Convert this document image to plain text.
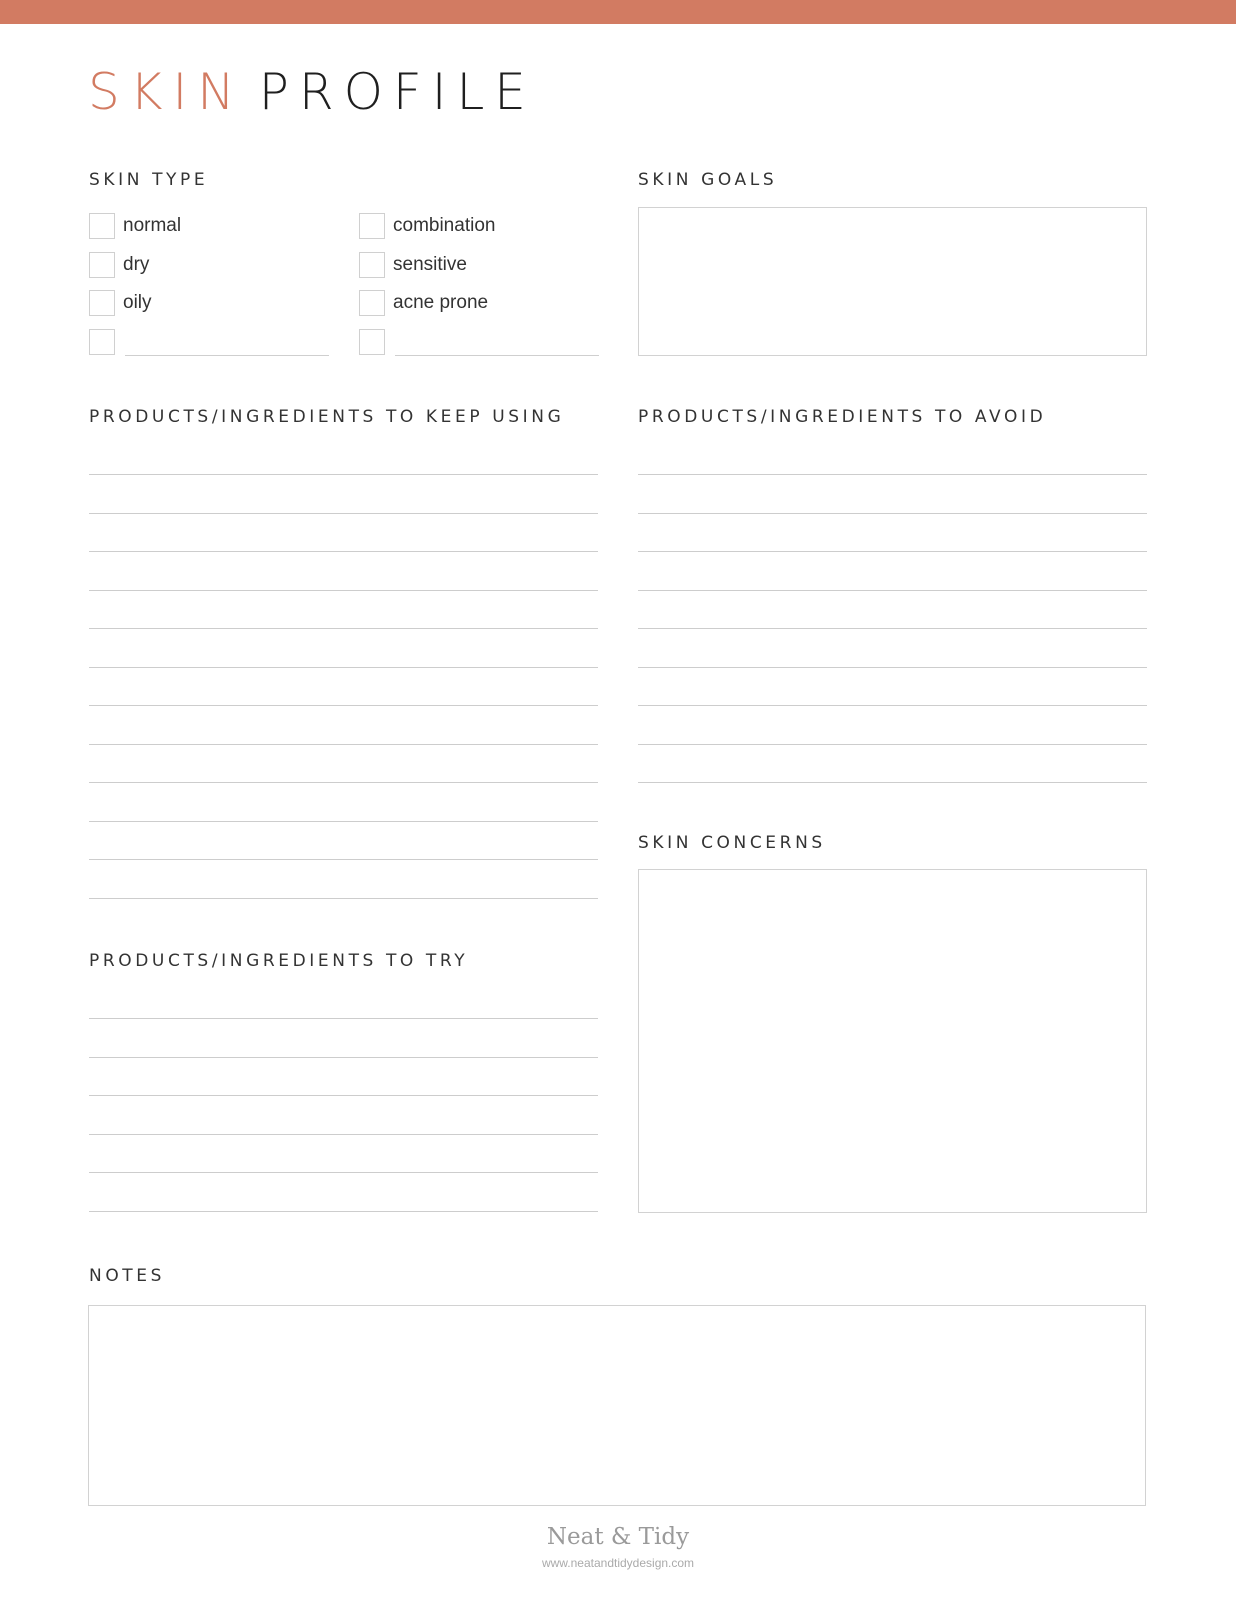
SKIN PROFILE
SKIN TYPE
normal	combination
dry	sensitive
oily	acne prone
SKIN GOALS
PRODUCTS/INGREDIENTS TO KEEP USING	PRODUCTS/INGREDIENTS TO AVOID
SKIN CONCERNS
PRODUCTS/INGREDIENTS TO TRY
NOTES
Neat & Tidy
www.neatandtidydesign.com
